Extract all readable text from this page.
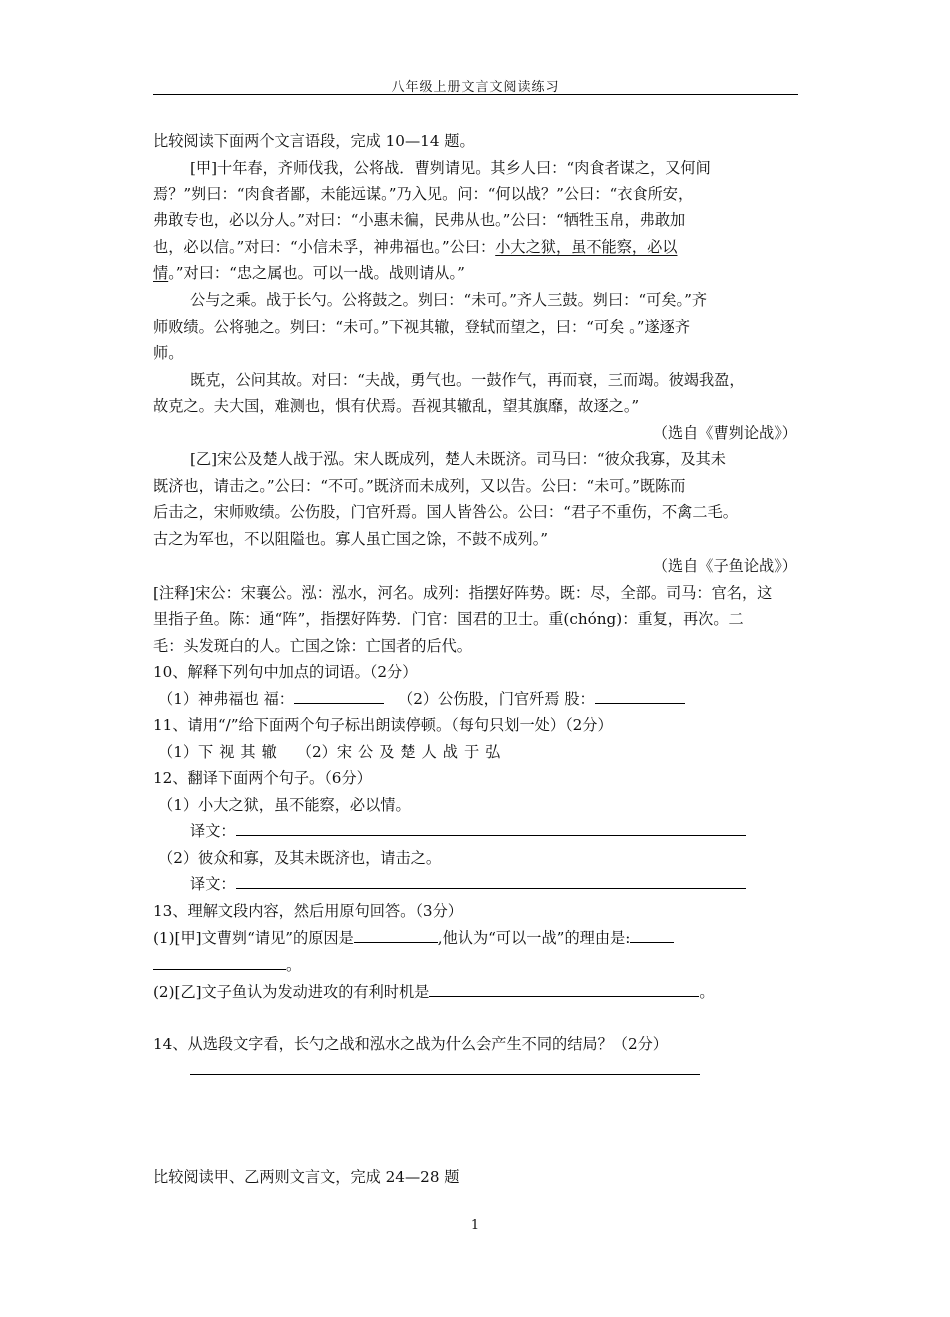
八年级上册文言文阅读练习
比较阅读下面两个文言语段，完成 10—14 题。
[甲]十年春，齐师伐我，公将战．曹刿请见。其乡人曰：“肉食者谋之，又何间
焉？”刿曰：“肉食者鄙，未能远谋。”乃入见。问：“何以战？”公曰：“衣食所安，
弗敢专也，必以分人。”对曰：“小惠未徧，民弗从也。”公曰：“牺牲玉帛，弗敢加
也，必以信。”对曰：“小信未孚，神弗福也。”公曰：小大之狱，虽不能察，必以
情。”对曰：“忠之属也。可以一战。战则请从。”
公与之乘。战于长勺。公将鼓之。刿曰：“未可。”齐人三鼓。刿曰：“可矣。”齐
师败绩。公将驰之。刿曰：“未可。”下视其辙，登轼而望之，曰：“可矣 。”遂逐齐
师。
既克，公问其故。对曰：“夫战，勇气也。一鼓作气，再而衰，三而竭。彼竭我盈，
故克之。夫大国，难测也，惧有伏焉。吾视其辙乱，望其旗靡，故逐之。”
（选自《曹刿论战》）
[乙]宋公及楚人战于泓。宋人既成列，楚人未既济。司马曰：“彼众我寡，及其未
既济也，请击之。”公曰：“不可。”既济而未成列，又以告。公曰：“未可。”既陈而
后击之，宋师败绩。公伤股，门官歼焉。国人皆咎公。公曰：“君子不重伤，不禽二毛。
古之为军也，不以阻隘也。寡人虽亡国之馀，不鼓不成列。”
（选自《子鱼论战》）
[注释]宋公：宋襄公。泓：泓水，河名。成列：指摆好阵势。既：尽，全部。司马：官名，这
里指子鱼。陈：通“阵”，指摆好阵势．门官：国君的卫士。重(chóng)：重复，再次。二
毛：头发斑白的人。亡国之馀：亡国者的后代。
10、解释下列句中加点的词语。（2分）
（1）神弗福也 福：	（2）公伤股，门官歼焉 股：
11、请用“/”给下面两个句子标出朗读停顿。（每句只划一处）（2分）
（1）下视其辙 （2）宋公及楚人战于弘
12、翻译下面两个句子。（6分）
（1）小大之狱，虽不能察，必以情。
译文：
（2）彼众和寡，及其未既济也，请击之。
译文：
13、理解文段内容，然后用原句回答。（3分）
(1)[甲]文曹刿“请见”的原因是	,他认为“可以一战”的理由是:
。
(2)[乙]文子鱼认为发动进攻的有利时机是	。
14、从选段文字看，长勺之战和泓水之战为什么会产生不同的结局？（2分）
比较阅读甲、乙两则文言文，完成 24—28 题
1
